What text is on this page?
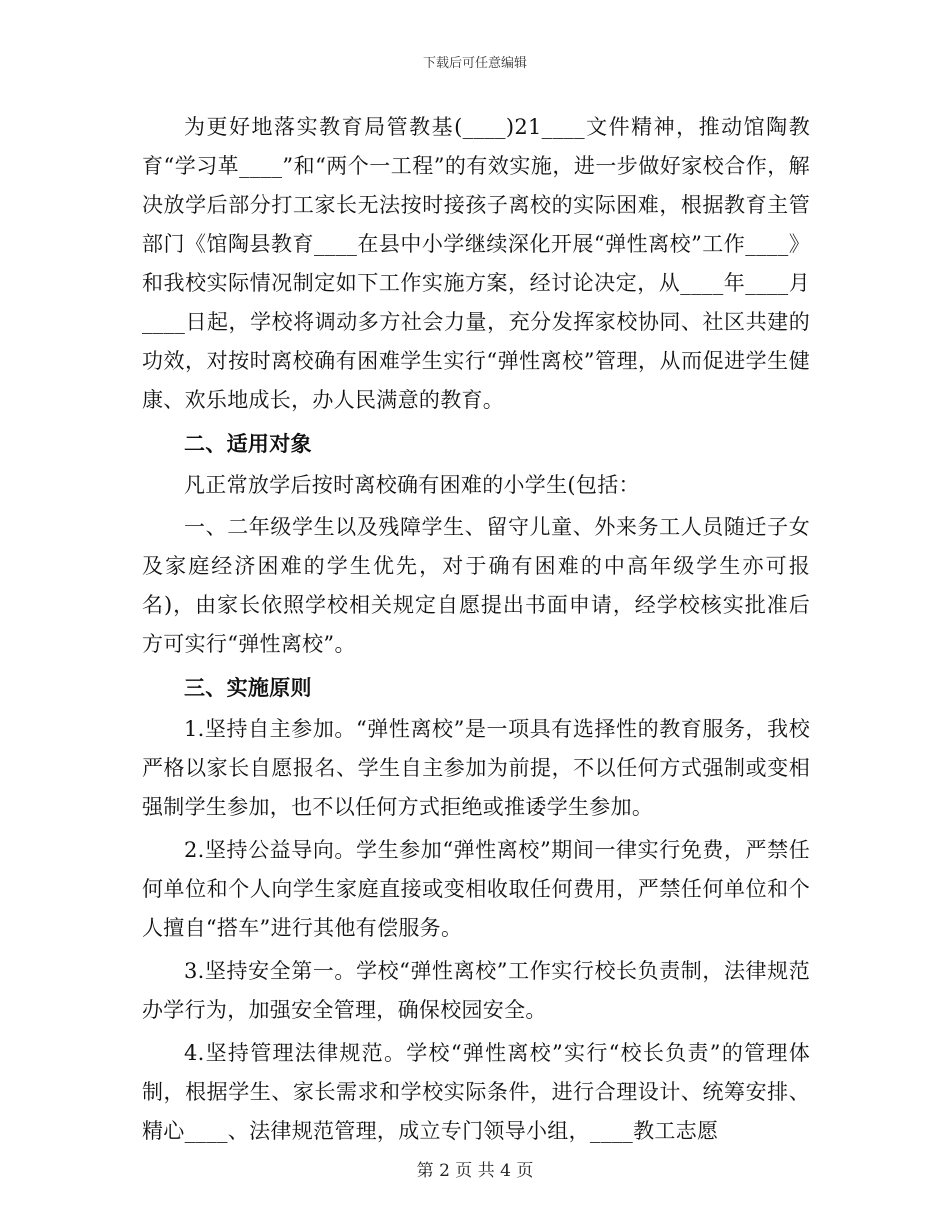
下载后可任意编辑

为更好地落实教育局管教基(____)21____文件精神，推动馆陶教育“学习革____”和“两个一工程”的有效实施，进一步做好家校合作，解决放学后部分打工家长无法按时接孩子离校的实际困难，根据教育主管部门《馆陶县教育____在县中小学继续深化开展“弹性离校”工作____》和我校实际情况制定如下工作实施方案，经讨论决定，从____年____月____日起，学校将调动多方社会力量，充分发挥家校协同、社区共建的功效，对按时离校确有困难学生实行“弹性离校”管理，从而促进学生健康、欢乐地成长，办人民满意的教育。

二、适用对象

凡正常放学后按时离校确有困难的小学生(包括：

一、二年级学生以及残障学生、留守儿童、外来务工人员随迁子女及家庭经济困难的学生优先，对于确有困难的中高年级学生亦可报名)，由家长依照学校相关规定自愿提出书面申请，经学校核实批准后方可实行“弹性离校”。

三、实施原则

1.坚持自主参加。“弹性离校”是一项具有选择性的教育服务，我校严格以家长自愿报名、学生自主参加为前提，不以任何方式强制或变相强制学生参加，也不以任何方式拒绝或推诿学生参加。

2.坚持公益导向。学生参加“弹性离校”期间一律实行免费，严禁任何单位和个人向学生家庭直接或变相收取任何费用，严禁任何单位和个人擅自“搭车”进行其他有偿服务。

3.坚持安全第一。学校“弹性离校”工作实行校长负责制，法律规范办学行为，加强安全管理，确保校园安全。

4.坚持管理法律规范。学校“弹性离校”实行“校长负责”的管理体制，根据学生、家长需求和学校实际条件，进行合理设计、统筹安排、精心____、法律规范管理，成立专门领导小组，____教工志愿

第 2 页 共 4 页
